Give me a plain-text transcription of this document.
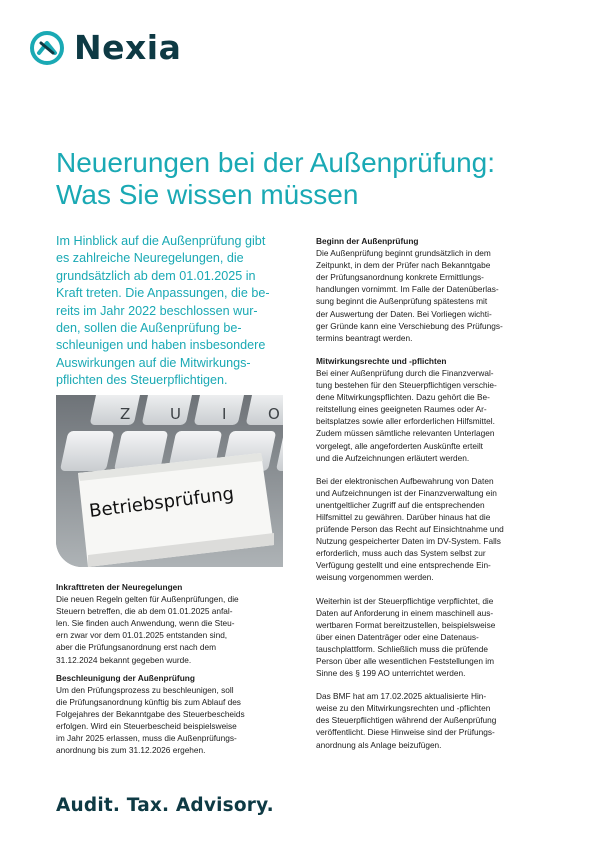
Nexia
Neuerungen bei der Außenprüfung:
Was Sie wissen müssen
Im Hinblick auf die Außenprüfung gibt
es zahlreiche Neuregelungen, die
grundsätzlich ab dem 01.01.2025 in
Kraft treten. Die Anpassungen, die be-
reits im Jahr 2022 beschlossen wur-
den, sollen die Außenprüfung be-
schleunigen und haben insbesondere
Auswirkungen auf die Mitwirkungs-
pflichten des Steuerpflichtigen.
Z	U	I	O
Betriebsprüfung
Inkrafttreten der Neuregelungen
Die neuen Regeln gelten für Außenprüfungen, die
Steuern betreffen, die ab dem 01.01.2025 anfal-
len. Sie finden auch Anwendung, wenn die Steu-
ern zwar vor dem 01.01.2025 entstanden sind,
aber die Prüfungsanordnung erst nach dem
31.12.2024 bekannt gegeben wurde.
Beschleunigung der Außenprüfung
Um den Prüfungsprozess zu beschleunigen, soll
die Prüfungsanordnung künftig bis zum Ablauf des
Folgejahres der Bekanntgabe des Steuerbescheids
erfolgen. Wird ein Steuerbescheid beispielsweise
im Jahr 2025 erlassen, muss die Außenprüfungs-
anordnung bis zum 31.12.2026 ergehen.
Beginn der Außenprüfung
Die Außenprüfung beginnt grundsätzlich in dem
Zeitpunkt, in dem der Prüfer nach Bekanntgabe
der Prüfungsanordnung konkrete Ermittlungs-
handlungen vornimmt. Im Falle der Datenüberlas-
sung beginnt die Außenprüfung spätestens mit
der Auswertung der Daten. Bei Vorliegen wichti-
ger Gründe kann eine Verschiebung des Prüfungs-
termins beantragt werden.
Mitwirkungsrechte und -pflichten
Bei einer Außenprüfung durch die Finanzverwal-
tung bestehen für den Steuerpflichtigen verschie-
dene Mitwirkungspflichten. Dazu gehört die Be-
reitstellung eines geeigneten Raumes oder Ar-
beitsplatzes sowie aller erforderlichen Hilfsmittel.
Zudem müssen sämtliche relevanten Unterlagen
vorgelegt, alle angeforderten Auskünfte erteilt
und die Aufzeichnungen erläutert werden.
Bei der elektronischen Aufbewahrung von Daten
und Aufzeichnungen ist der Finanzverwaltung ein
unentgeltlicher Zugriff auf die entsprechenden
Hilfsmittel zu gewähren. Darüber hinaus hat die
prüfende Person das Recht auf Einsichtnahme und
Nutzung gespeicherter Daten im DV-System. Falls
erforderlich, muss auch das System selbst zur
Verfügung gestellt und eine entsprechende Ein-
weisung vorgenommen werden.
Weiterhin ist der Steuerpflichtige verpflichtet, die
Daten auf Anforderung in einem maschinell aus-
wertbaren Format bereitzustellen, beispielsweise
über einen Datenträger oder eine Datenaus-
tauschplattform. Schließlich muss die prüfende
Person über alle wesentlichen Feststellungen im
Sinne des § 199 AO unterrichtet werden.
Das BMF hat am 17.02.2025 aktualisierte Hin-
weise zu den Mitwirkungsrechten und -pflichten
des Steuerpflichtigen während der Außenprüfung
veröffentlicht. Diese Hinweise sind der Prüfungs-
anordnung als Anlage beizufügen.
Audit. Tax. Advisory.
